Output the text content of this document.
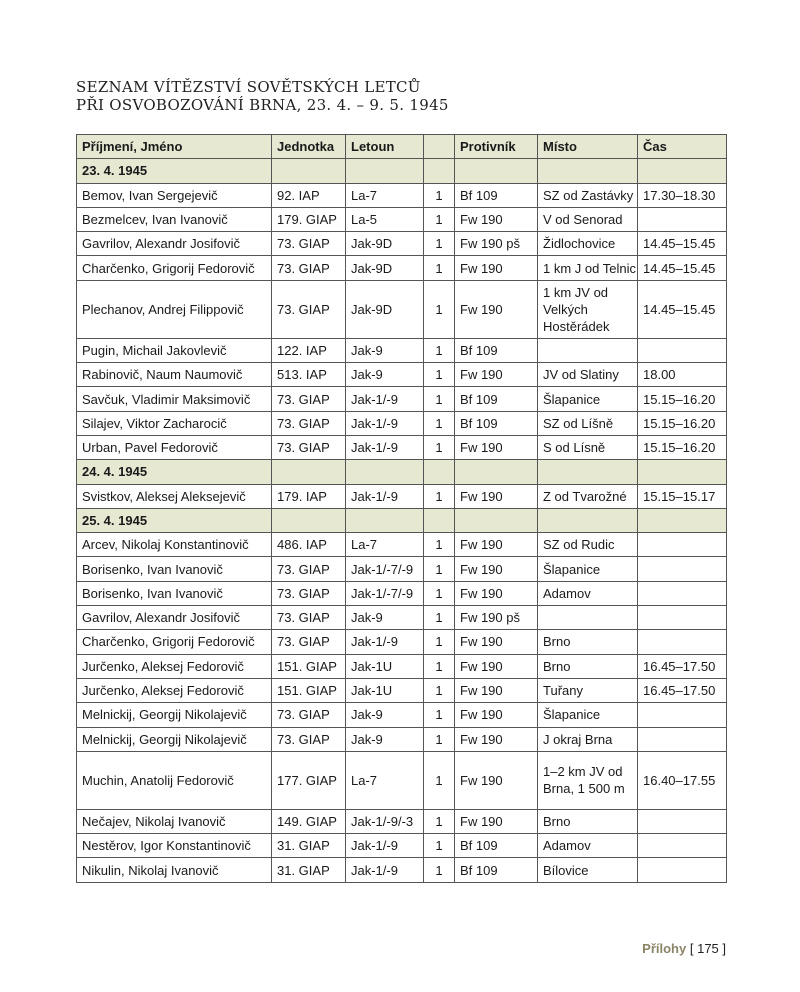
SEZNAM VÍTĚZSTVÍ SOVĚTSKÝCH LETCŮ
PŘI OSVOBOZOVÁNÍ BRNA, 23. 4. – 9. 5. 1945
Příjmení, Jméno	Jednotka	Letoun		Protivník	Místo	Čas
23. 4. 1945						
Bemov, Ivan Sergejevič	92. IAP	La-7	1	Bf 109	SZ od Zastávky	17.30–18.30
Bezmelcev, Ivan Ivanovič	179. GIAP	La-5	1	Fw 190	V od Senorad	
Gavrilov, Alexandr Josifovič	73. GIAP	Jak-9D	1	Fw 190 pš	Židlochovice	14.45–15.45
Charčenko, Grigorij Fedorovič	73. GIAP	Jak-9D	1	Fw 190	1 km J od Telnic	14.45–15.45
Plechanov, Andrej Filippovič	73. GIAP	Jak-9D	1	Fw 190	1 km JV od Velkých Hostěrádek	14.45–15.45
Pugin, Michail Jakovlevič	122. IAP	Jak-9	1	Bf 109		
Rabinovič, Naum Naumovič	513. IAP	Jak-9	1	Fw 190	JV od Slatiny	18.00
Savčuk, Vladimir Maksimovič	73. GIAP	Jak-1/-9	1	Bf 109	Šlapanice	15.15–16.20
Silajev, Viktor Zacharocič	73. GIAP	Jak-1/-9	1	Bf 109	SZ od Líšně	15.15–16.20
Urban, Pavel Fedorovič	73. GIAP	Jak-1/-9	1	Fw 190	S od Lísně	15.15–16.20
24. 4. 1945						
Svistkov, Aleksej Aleksejevič	179. IAP	Jak-1/-9	1	Fw 190	Z od Tvarožné	15.15–15.17
25. 4. 1945						
Arcev, Nikolaj Konstantinovič	486. IAP	La-7	1	Fw 190	SZ od Rudic	
Borisenko, Ivan Ivanovič	73. GIAP	Jak-1/-7/-9	1	Fw 190	Šlapanice	
Borisenko, Ivan Ivanovič	73. GIAP	Jak-1/-7/-9	1	Fw 190	Adamov	
Gavrilov, Alexandr Josifovič	73. GIAP	Jak-9	1	Fw 190 pš		
Charčenko, Grigorij Fedorovič	73. GIAP	Jak-1/-9	1	Fw 190	Brno	
Jurčenko, Aleksej Fedorovič	151. GIAP	Jak-1U	1	Fw 190	Brno	16.45–17.50
Jurčenko, Aleksej Fedorovič	151. GIAP	Jak-1U	1	Fw 190	Tuřany	16.45–17.50
Melnickij, Georgij Nikolajevič	73. GIAP	Jak-9	1	Fw 190	Šlapanice	
Melnickij, Georgij Nikolajevič	73. GIAP	Jak-9	1	Fw 190	J okraj Brna	
Muchin, Anatolij Fedorovič	177. GIAP	La-7	1	Fw 190	1–2 km JV od Brna, 1 500 m	16.40–17.55
Nečajev, Nikolaj Ivanovič	149. GIAP	Jak-1/-9/-3	1	Fw 190	Brno	
Nestěrov, Igor Konstantinovič	31. GIAP	Jak-1/-9	1	Bf 109	Adamov	
Nikulin, Nikolaj Ivanovič	31. GIAP	Jak-1/-9	1	Bf 109	Bílovice	
Přílohy [ 175 ]
